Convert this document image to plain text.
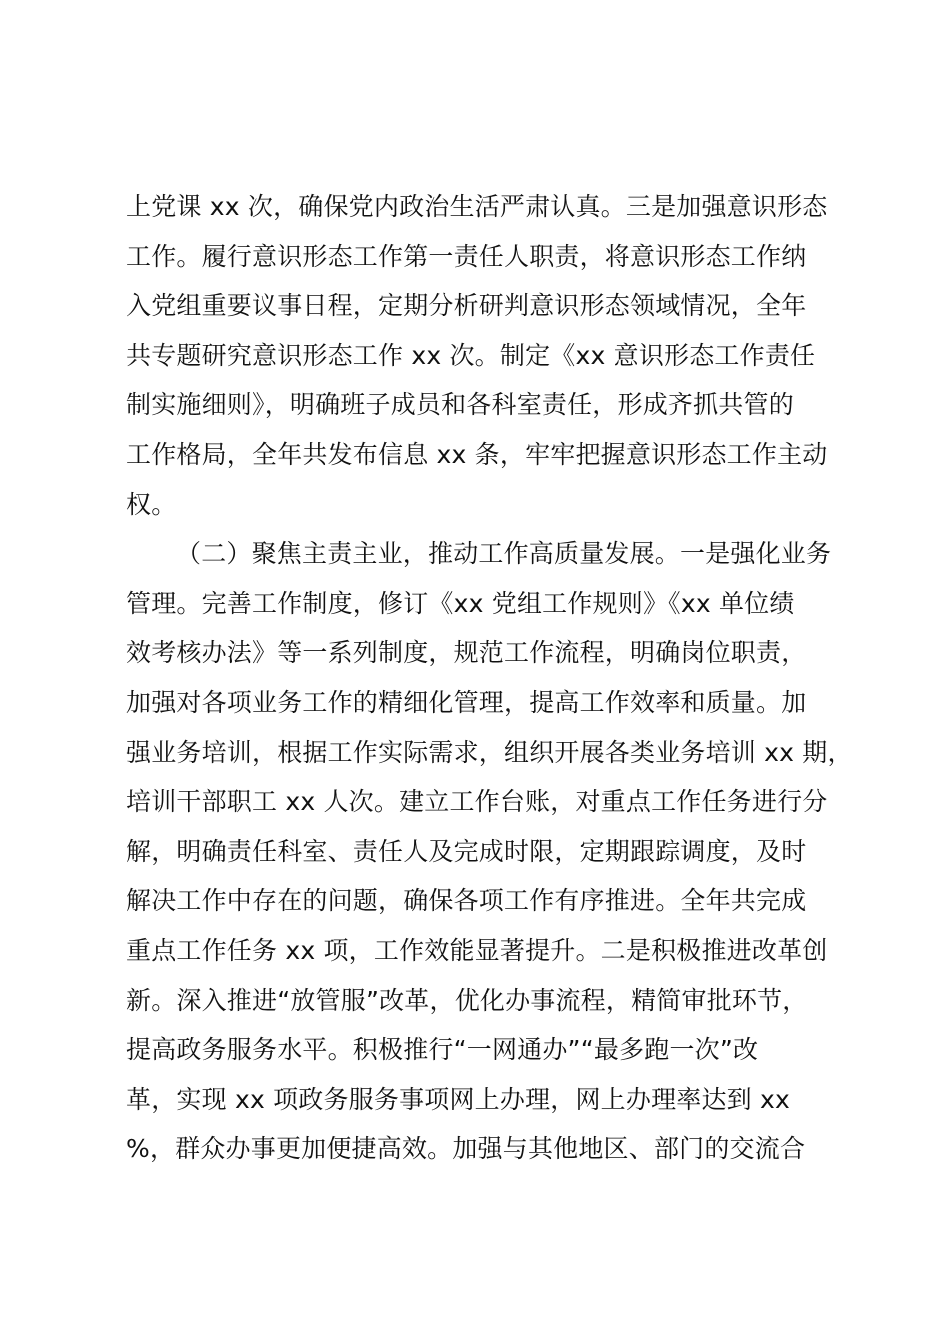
上党课 xx 次，确保党内政治生活严肃认真。三是加强意识形态
工作。履行意识形态工作第一责任人职责，将意识形态工作纳
入党组重要议事日程，定期分析研判意识形态领域情况，全年
共专题研究意识形态工作 xx 次。制定《xx 意识形态工作责任
制实施细则》，明确班子成员和各科室责任，形成齐抓共管的
工作格局，全年共发布信息 xx 条，牢牢把握意识形态工作主动
权。
（二）聚焦主责主业，推动工作高质量发展。一是强化业务
管理。完善工作制度，修订《xx 党组工作规则》《xx 单位绩
效考核办法》等一系列制度，规范工作流程，明确岗位职责，
加强对各项业务工作的精细化管理，提高工作效率和质量。加
强业务培训，根据工作实际需求，组织开展各类业务培训 xx 期，
培训干部职工 xx 人次。建立工作台账，对重点工作任务进行分
解，明确责任科室、责任人及完成时限，定期跟踪调度，及时
解决工作中存在的问题，确保各项工作有序推进。全年共完成
重点工作任务 xx 项，工作效能显著提升。二是积极推进改革创
新。深入推进“放管服”改革，优化办事流程，精简审批环节，
提高政务服务水平。积极推行“一网通办”“最多跑一次”改
革，实现 xx 项政务服务事项网上办理，网上办理率达到 xx
%，群众办事更加便捷高效。加强与其他地区、部门的交流合
